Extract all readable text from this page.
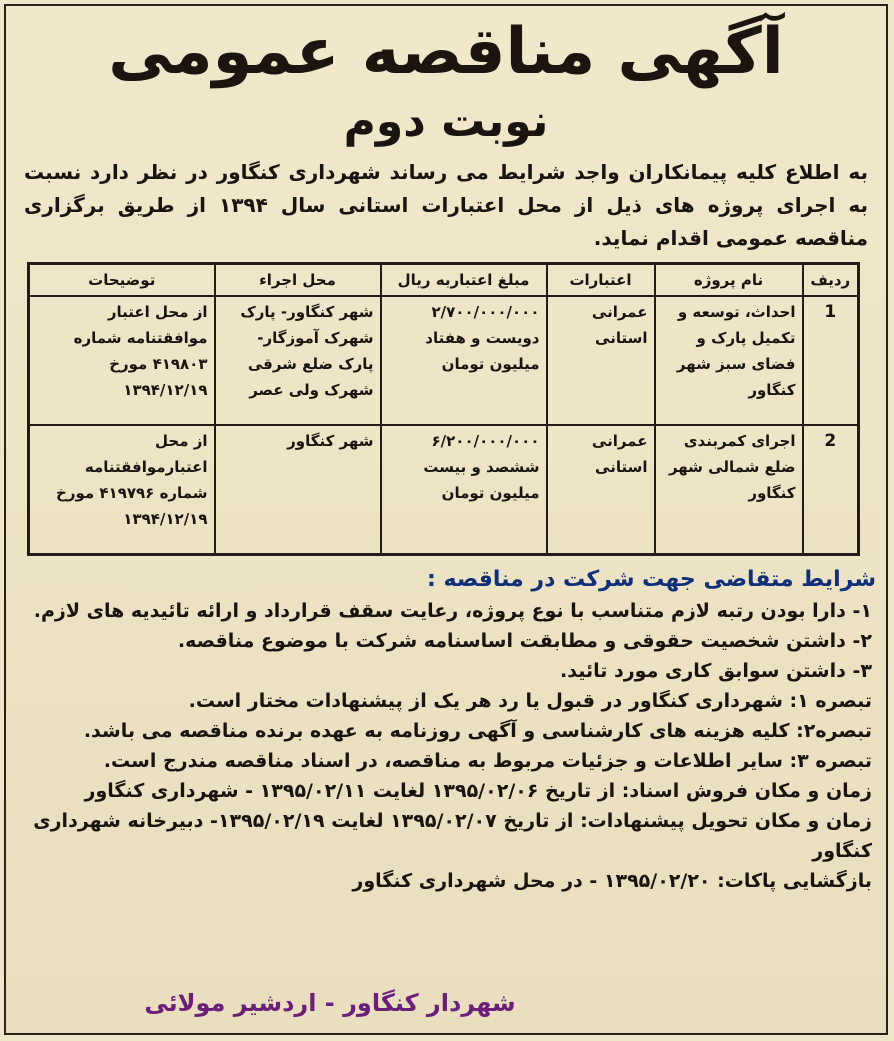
آگهی مناقصه عمومی
نوبت دوم
به اطلاع کلیه پیمانکاران واجد شرایط می رساند شهرداری کنگاور در نظر دارد نسبت به اجرای پروژه های ذیل از محل اعتبارات استانی سال ۱۳۹۴ از طریق برگزاری مناقصه عمومی اقدام نماید.
ردیف	نام پروژه	اعتبارات	مبلغ اعتباربه ریال	محل اجراء	توضیحات
1	احداث، توسعه و تکمیل پارک و فضای سبز شهر کنگاور	عمرانی استانی	۲/۷۰۰/۰۰۰/۰۰۰ دویست و هفتاد میلیون تومان	شهر کنگاور- پارک شهرک آموزگار- پارک ضلع شرقی شهرک ولی عصر	از محل اعتبار موافقتنامه شماره ۴۱۹۸۰۳ مورخ ۱۳۹۴/۱۲/۱۹
2	اجرای کمربندی ضلع شمالی شهر کنگاور	عمرانی استانی	۶/۲۰۰/۰۰۰/۰۰۰ ششصد و بیست میلیون تومان	شهر کنگاور	از محل اعتبارموافقتنامه شماره ۴۱۹۷۹۶ مورخ ۱۳۹۴/۱۲/۱۹
شرایط متقاضی جهت شرکت در مناقصه :

۱- دارا بودن رتبه لازم متناسب با نوع پروژه، رعایت سقف قرارداد و ارائه تائیدیه های لازم.

۲- داشتن شخصیت حقوقی و مطابقت اساسنامه شرکت با موضوع مناقصه.

۳- داشتن سوابق کاری مورد تائید.

تبصره ۱: شهرداری کنگاور در قبول یا رد هر یک از پیشنهادات مختار است.

تبصره۲: کلیه هزینه های کارشناسی و آگهی روزنامه به عهده برنده مناقصه می باشد.

تبصره ۳: سایر اطلاعات و جزئیات مربوط به مناقصه، در اسناد مناقصه مندرج است.

زمان و مکان فروش اسناد: از تاریخ ۱۳۹۵/۰۲/۰۶ لغایت ۱۳۹۵/۰۲/۱۱ - شهرداری کنگاور

زمان و مکان تحویل پیشنهادات: از تاریخ ۱۳۹۵/۰۲/۰۷ لغایت ۱۳۹۵/۰۲/۱۹- دبیرخانه شهرداری کنگاور

بازگشایی پاکات: ۱۳۹۵/۰۲/۲۰ - در محل شهرداری کنگاور

شهردار کنگاور - اردشیر مولائی
